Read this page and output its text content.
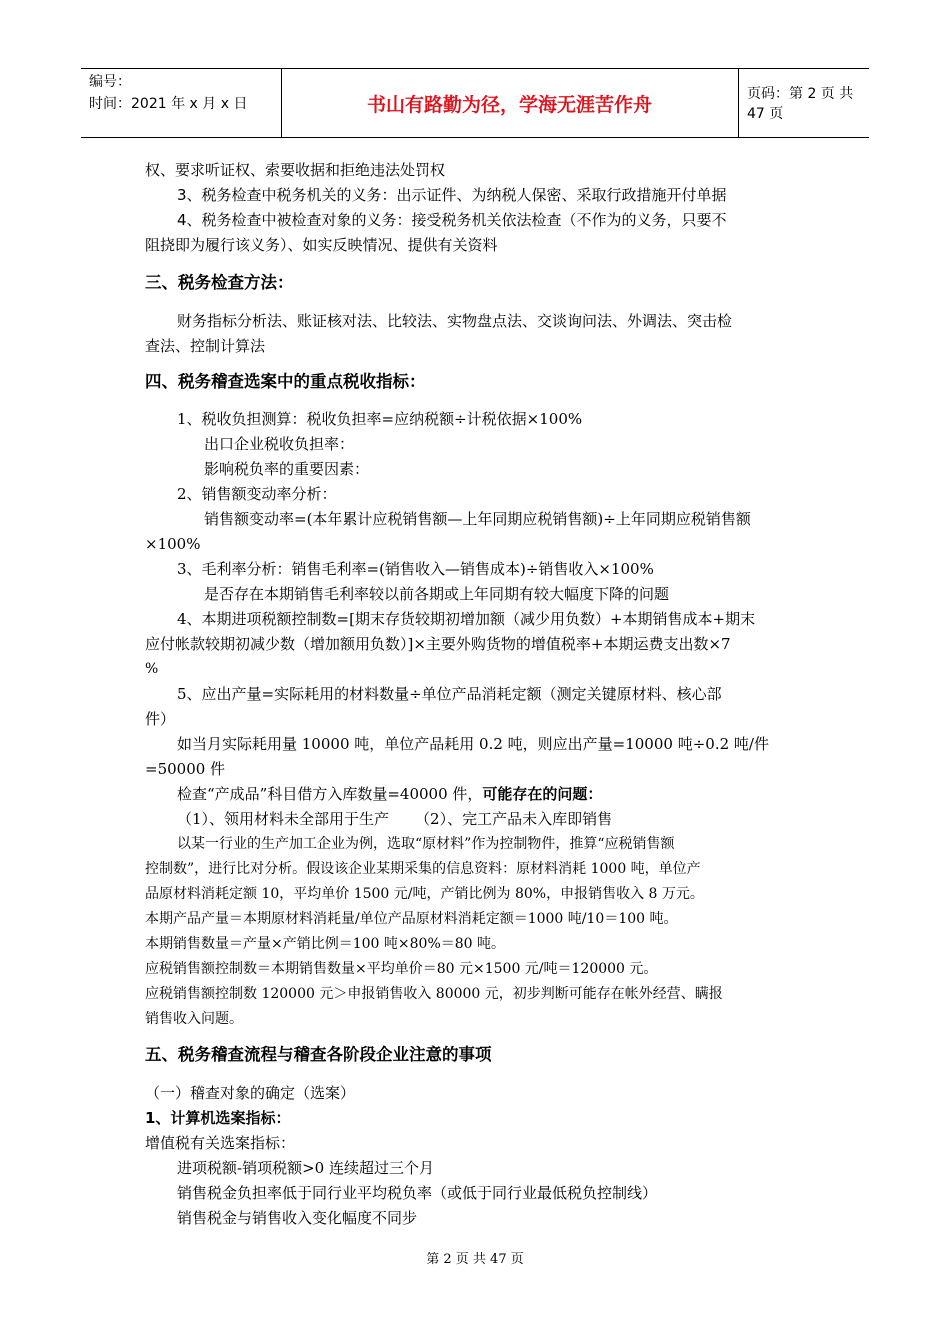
编号：
时间：2021 年 x 月 x 日	书山有路勤为径，学海无涯苦作舟	页码：第 2 页 共 47 页
权、要求听证权、索要收据和拒绝违法处罚权
3、税务检查中税务机关的义务：出示证件、为纳税人保密、采取行政措施开付单据
4、税务检查中被检查对象的义务：接受税务机关依法检查（不作为的义务，只要不
阻挠即为履行该义务）、如实反映情况、提供有关资料
三、税务检查方法：
财务指标分析法、账证核对法、比较法、实物盘点法、交谈询问法、外调法、突击检
查法、控制计算法
四、税务稽查选案中的重点税收指标：
1、税收负担测算：税收负担率=应纳税额÷计税依据×100%
出口企业税收负担率：
影响税负率的重要因素：
2、销售额变动率分析：
销售额变动率=(本年累计应税销售额—上年同期应税销售额)÷上年同期应税销售额
×100%
3、毛利率分析：销售毛利率=(销售收入—销售成本)÷销售收入×100%
是否存在本期销售毛利率较以前各期或上年同期有较大幅度下降的问题
4、本期进项税额控制数=[期末存货较期初增加额（减少用负数）+本期销售成本+期末
应付帐款较期初减少数（增加额用负数）]×主要外购货物的增值税率+本期运费支出数×7
%
5、应出产量=实际耗用的材料数量÷单位产品消耗定额（测定关键原材料、核心部
件）
如当月实际耗用量 10000 吨，单位产品耗用 0.2 吨，则应出产量=10000 吨÷0.2 吨/件
=50000 件
检查“产成品”科目借方入库数量=40000 件，可能存在的问题：
（1）、领用材料未全部用于生产 （2）、完工产品未入库即销售
以某一行业的生产加工企业为例，选取“原材料”作为控制物件，推算“应税销售额
控制数”，进行比对分析。假设该企业某期采集的信息资料：原材料消耗 1000 吨，单位产
品原材料消耗定额 10，平均单价 1500 元/吨，产销比例为 80%，申报销售收入 8 万元。
本期产品产量＝本期原材料消耗量/单位产品原材料消耗定额＝1000 吨/10＝100 吨。
本期销售数量＝产量×产销比例＝100 吨×80%＝80 吨。
应税销售额控制数＝本期销售数量×平均单价＝80 元×1500 元/吨＝120000 元。
应税销售额控制数 120000 元＞申报销售收入 80000 元，初步判断可能存在帐外经营、瞒报
销售收入问题。
五、税务稽查流程与稽查各阶段企业注意的事项
（一）稽查对象的确定（选案）
1、计算机选案指标：
增值税有关选案指标：
进项税额-销项税额>0 连续超过三个月
销售税金负担率低于同行业平均税负率（或低于同行业最低税负控制线）
销售税金与销售收入变化幅度不同步
第 2 页 共 47 页
